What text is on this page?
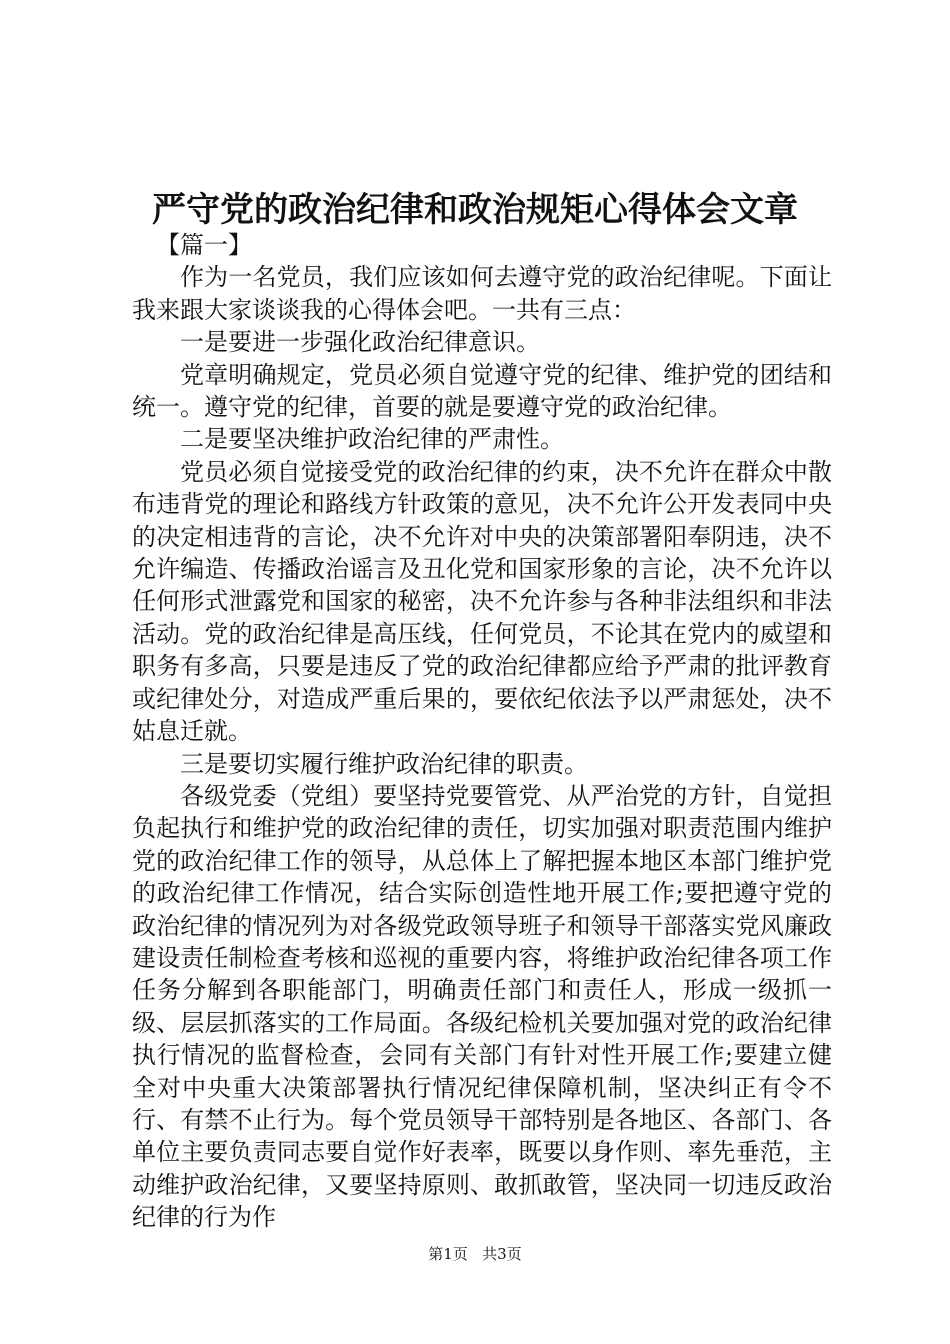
严守党的政治纪律和政治规矩心得体会文章

【篇一】

作为一名党员，我们应该如何去遵守党的政治纪律呢。下面让我来跟大家谈谈我的心得体会吧。一共有三点：

一是要进一步强化政治纪律意识。

党章明确规定，党员必须自觉遵守党的纪律、维护党的团结和统一。遵守党的纪律，首要的就是要遵守党的政治纪律。

二是要坚决维护政治纪律的严肃性。

党员必须自觉接受党的政治纪律的约束，决不允许在群众中散布违背党的理论和路线方针政策的意见，决不允许公开发表同中央的决定相违背的言论，决不允许对中央的决策部署阳奉阴违，决不允许编造、传播政治谣言及丑化党和国家形象的言论，决不允许以任何形式泄露党和国家的秘密，决不允许参与各种非法组织和非法活动。党的政治纪律是高压线，任何党员，不论其在党内的威望和职务有多高，只要是违反了党的政治纪律都应给予严肃的批评教育或纪律处分，对造成严重后果的，要依纪依法予以严肃惩处，决不姑息迁就。

三是要切实履行维护政治纪律的职责。

各级党委（党组）要坚持党要管党、从严治党的方针，自觉担负起执行和维护党的政治纪律的责任，切实加强对职责范围内维护党的政治纪律工作的领导，从总体上了解把握本地区本部门维护党的政治纪律工作情况，结合实际创造性地开展工作;要把遵守党的政治纪律的情况列为对各级党政领导班子和领导干部落实党风廉政建设责任制检查考核和巡视的重要内容，将维护政治纪律各项工作任务分解到各职能部门，明确责任部门和责任人，形成一级抓一级、层层抓落实的工作局面。各级纪检机关要加强对党的政治纪律执行情况的监督检查，会同有关部门有针对性开展工作;要建立健全对中央重大决策部署执行情况纪律保障机制，坚决纠正有令不行、有禁不止行为。每个党员领导干部特别是各地区、各部门、各单位主要负责同志要自觉作好表率，既要以身作则、率先垂范，主动维护政治纪律，又要坚持原则、敢抓敢管，坚决同一切违反政治纪律的行为作

第1页 共3页
